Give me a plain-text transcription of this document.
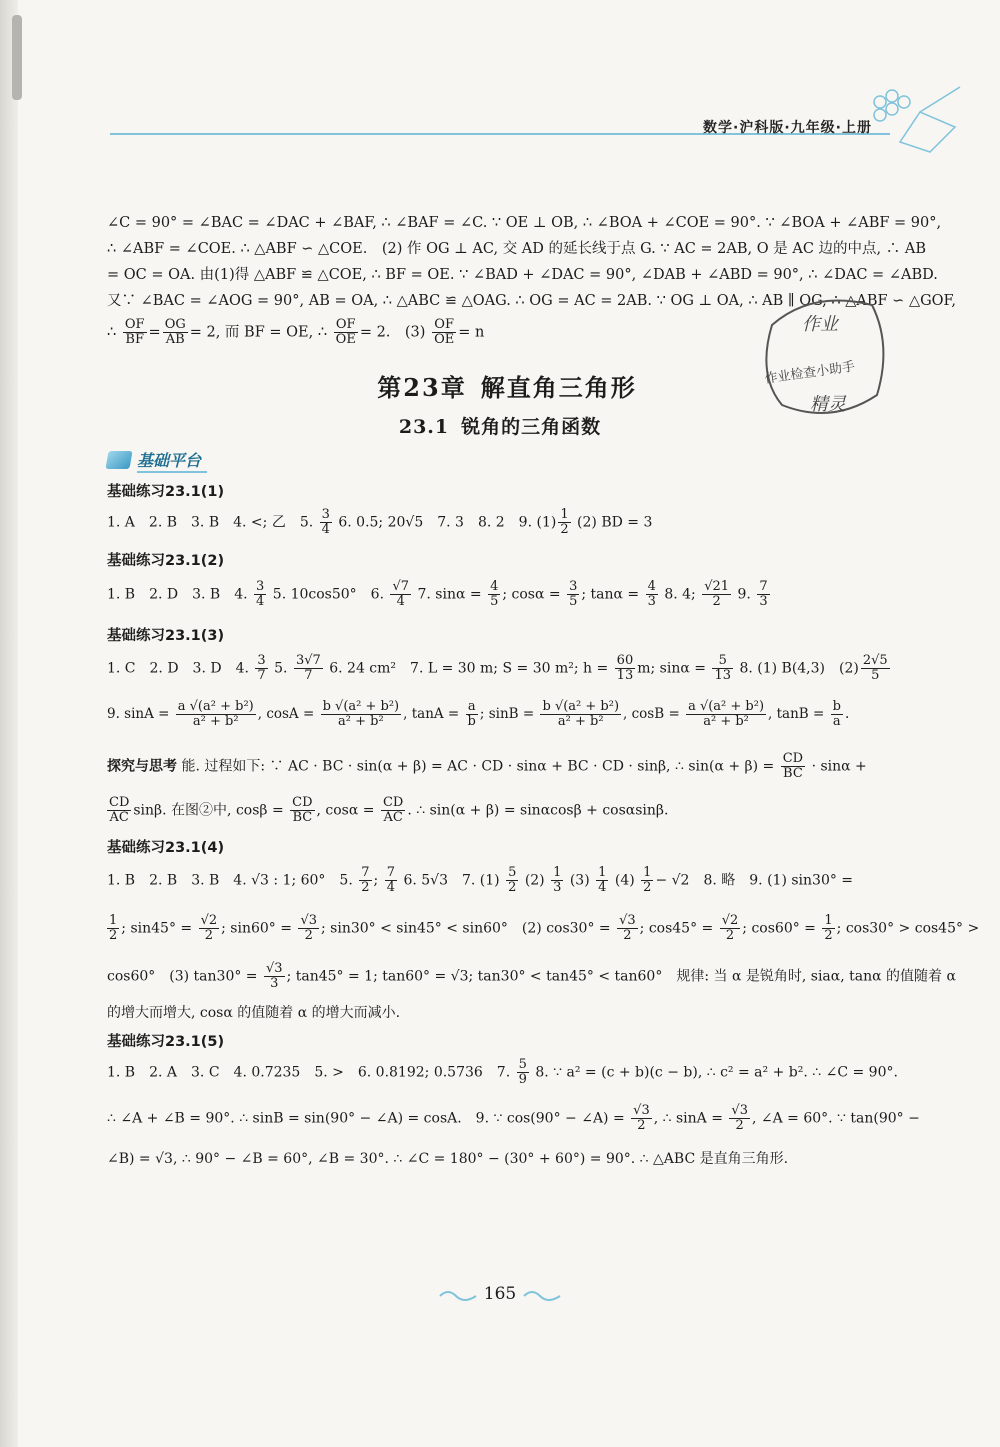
数学·沪科版·九年级·上册
∠C = 90° = ∠BAC = ∠DAC + ∠BAF, ∴ ∠BAF = ∠C. ∵ OE ⊥ OB, ∴ ∠BOA + ∠COE = 90°. ∵ ∠BOA + ∠ABF = 90°,
∴ ∠ABF = ∠COE. ∴ △ABF ∽ △COE.　(2) 作 OG ⊥ AC, 交 AD 的延长线于点 G. ∵ AC = 2AB, O 是 AC 边的中点, ∴ AB
= OC = OA. 由(1)得 △ABF ≌ △COE, ∴ BF = OE. ∵ ∠BAD + ∠DAC = 90°, ∠DAB + ∠ABD = 90°, ∴ ∠DAC = ∠ABD.
又∵ ∠BAC = ∠AOG = 90°, AB = OA, ∴ △ABC ≌ △OAG. ∴ OG = AC = 2AB. ∵ OG ⊥ OA, ∴ AB ∥ OG, ∴ △ABF ∽ △GOF,
∴ $\frac{OF}{BF} = \frac{OG}{AB} = 2$, 而 BF = OE, ∴ $\frac{OF}{OE} = 2$.　$(3) \frac{OF}{OE} = n$	作业
作业检查小助手
精灵
第23章 解直角三角形
23.1 锐角的三角函数
基础平台
基础练习23.1(1)
1. A　2. B　3. B　4. <; 乙　5. $\frac{3}{4} 6$. 0.5; 20√5　7. 3　8. 2　9. $(1) \frac{1}{2} (2)$ BD = 3
基础练习23.1(2)
1. B　2. D　3. B　4. $\frac{3}{4} 5$. 10cos50°　6. $\frac{√7}{4} 7$. $\sin\alpha = \frac{4}{5}$ ; $\cos\alpha = \frac{3}{5}$ ; $\tan\alpha = \frac{4}{3} 8$. 4; $\frac{√21}{2} 9$. $\frac{7}{3}$
基础练习23.1(3)
1. C　2. D　3. D　4. $\frac{3}{7} 5$. $\frac{3√7}{7} 6$. 24 cm²　7. L = 30 m; S = 30 m²; $h = \frac{60}{13} m$; $\sin\alpha = \frac{5}{13} 8$. (1) B(4,3)　$(2) \frac{2√5}{5}$
9. $\sin A = \frac{\text{a √(a² + b²)}}{\text{a² + b²}}$ , $\cos A = \frac{\text{b √(a² + b²)}}{\text{a² + b²}}$ , $\tan A = \frac{a}{b}$ ; $\sin B = \frac{\text{b √(a² + b²)}}{\text{a² + b²}}$ , $\cos B = \frac{\text{a √(a² + b²)}}{\text{a² + b²}}$ , $\tan B = \frac{b}{a}$ .
探究与思考 能. 过程如下: ∵ AC · BC · sin(α + β) = AC · CD · sinα + BC · CD · sinβ, ∴ $\sin(\alpha + \beta) = \frac{CD}{BC} \cdot \sin\alpha$ +
$\frac{CD}{AC} \sin\beta$. 在图②中, $\cos\beta = \frac{CD}{BC}$ , $\cos\alpha = \frac{CD}{AC}$ . ∴ sin(α + β) = sinαcosβ + cosαsinβ.
基础练习23.1(4)
1. B　2. B　3. B　4. √3 : 1; 60°　5. $\frac{7}{2}$ ; $\frac{7}{4} 6$. 5√3　7. $(1) \frac{5}{2} (2) \frac{1}{3} (3) \frac{1}{4} (4) \frac{1}{2} - √2$　8. 略　9. (1) sin30° =
$\frac{1}{2}$ ; $\sin 45^\circ = \frac{√2}{2}$ ; $\sin 60^\circ = \frac{√3}{2}$ ; sin30° < sin45° < sin60°　(2) $\cos 30^\circ = \frac{√3}{2}$ ; $\cos 45^\circ = \frac{√2}{2}$ ; $\cos 60^\circ = \frac{1}{2}$ ; cos30° > cos45° >
cos60°　(3) $\tan 30^\circ = \frac{√3}{3}$ ; tan45° = 1; tan60° = √3; tan30° < tan45° < tan60°　规律: 当 α 是锐角时, siaα, tanα 的值随着 α
的增大而增大, cosα 的值随着 α 的增大而减小.
基础练习23.1(5)
1. B　2. A　3. C　4. 0.7235　5. >　6. 0.8192; 0.5736　7. $\frac{5}{9} 8$. ∵ a² = (c + b)(c − b), ∴ c² = a² + b². ∴ ∠C = 90°.
∴ ∠A + ∠B = 90°. ∴ sinB = sin(90° − ∠A) = cosA.　9. ∵ cos(90° − ∠A) = $\frac{√3}{2}$ , ∴ $\sin A = \frac{√3}{2}$ , ∠A = 60°. ∵ tan(90° −
∠B) = √3, ∴ 90° − ∠B = 60°, ∠B = 30°. ∴ ∠C = 180° − (30° + 60°) = 90°. ∴ △ABC 是直角三角形.
165
